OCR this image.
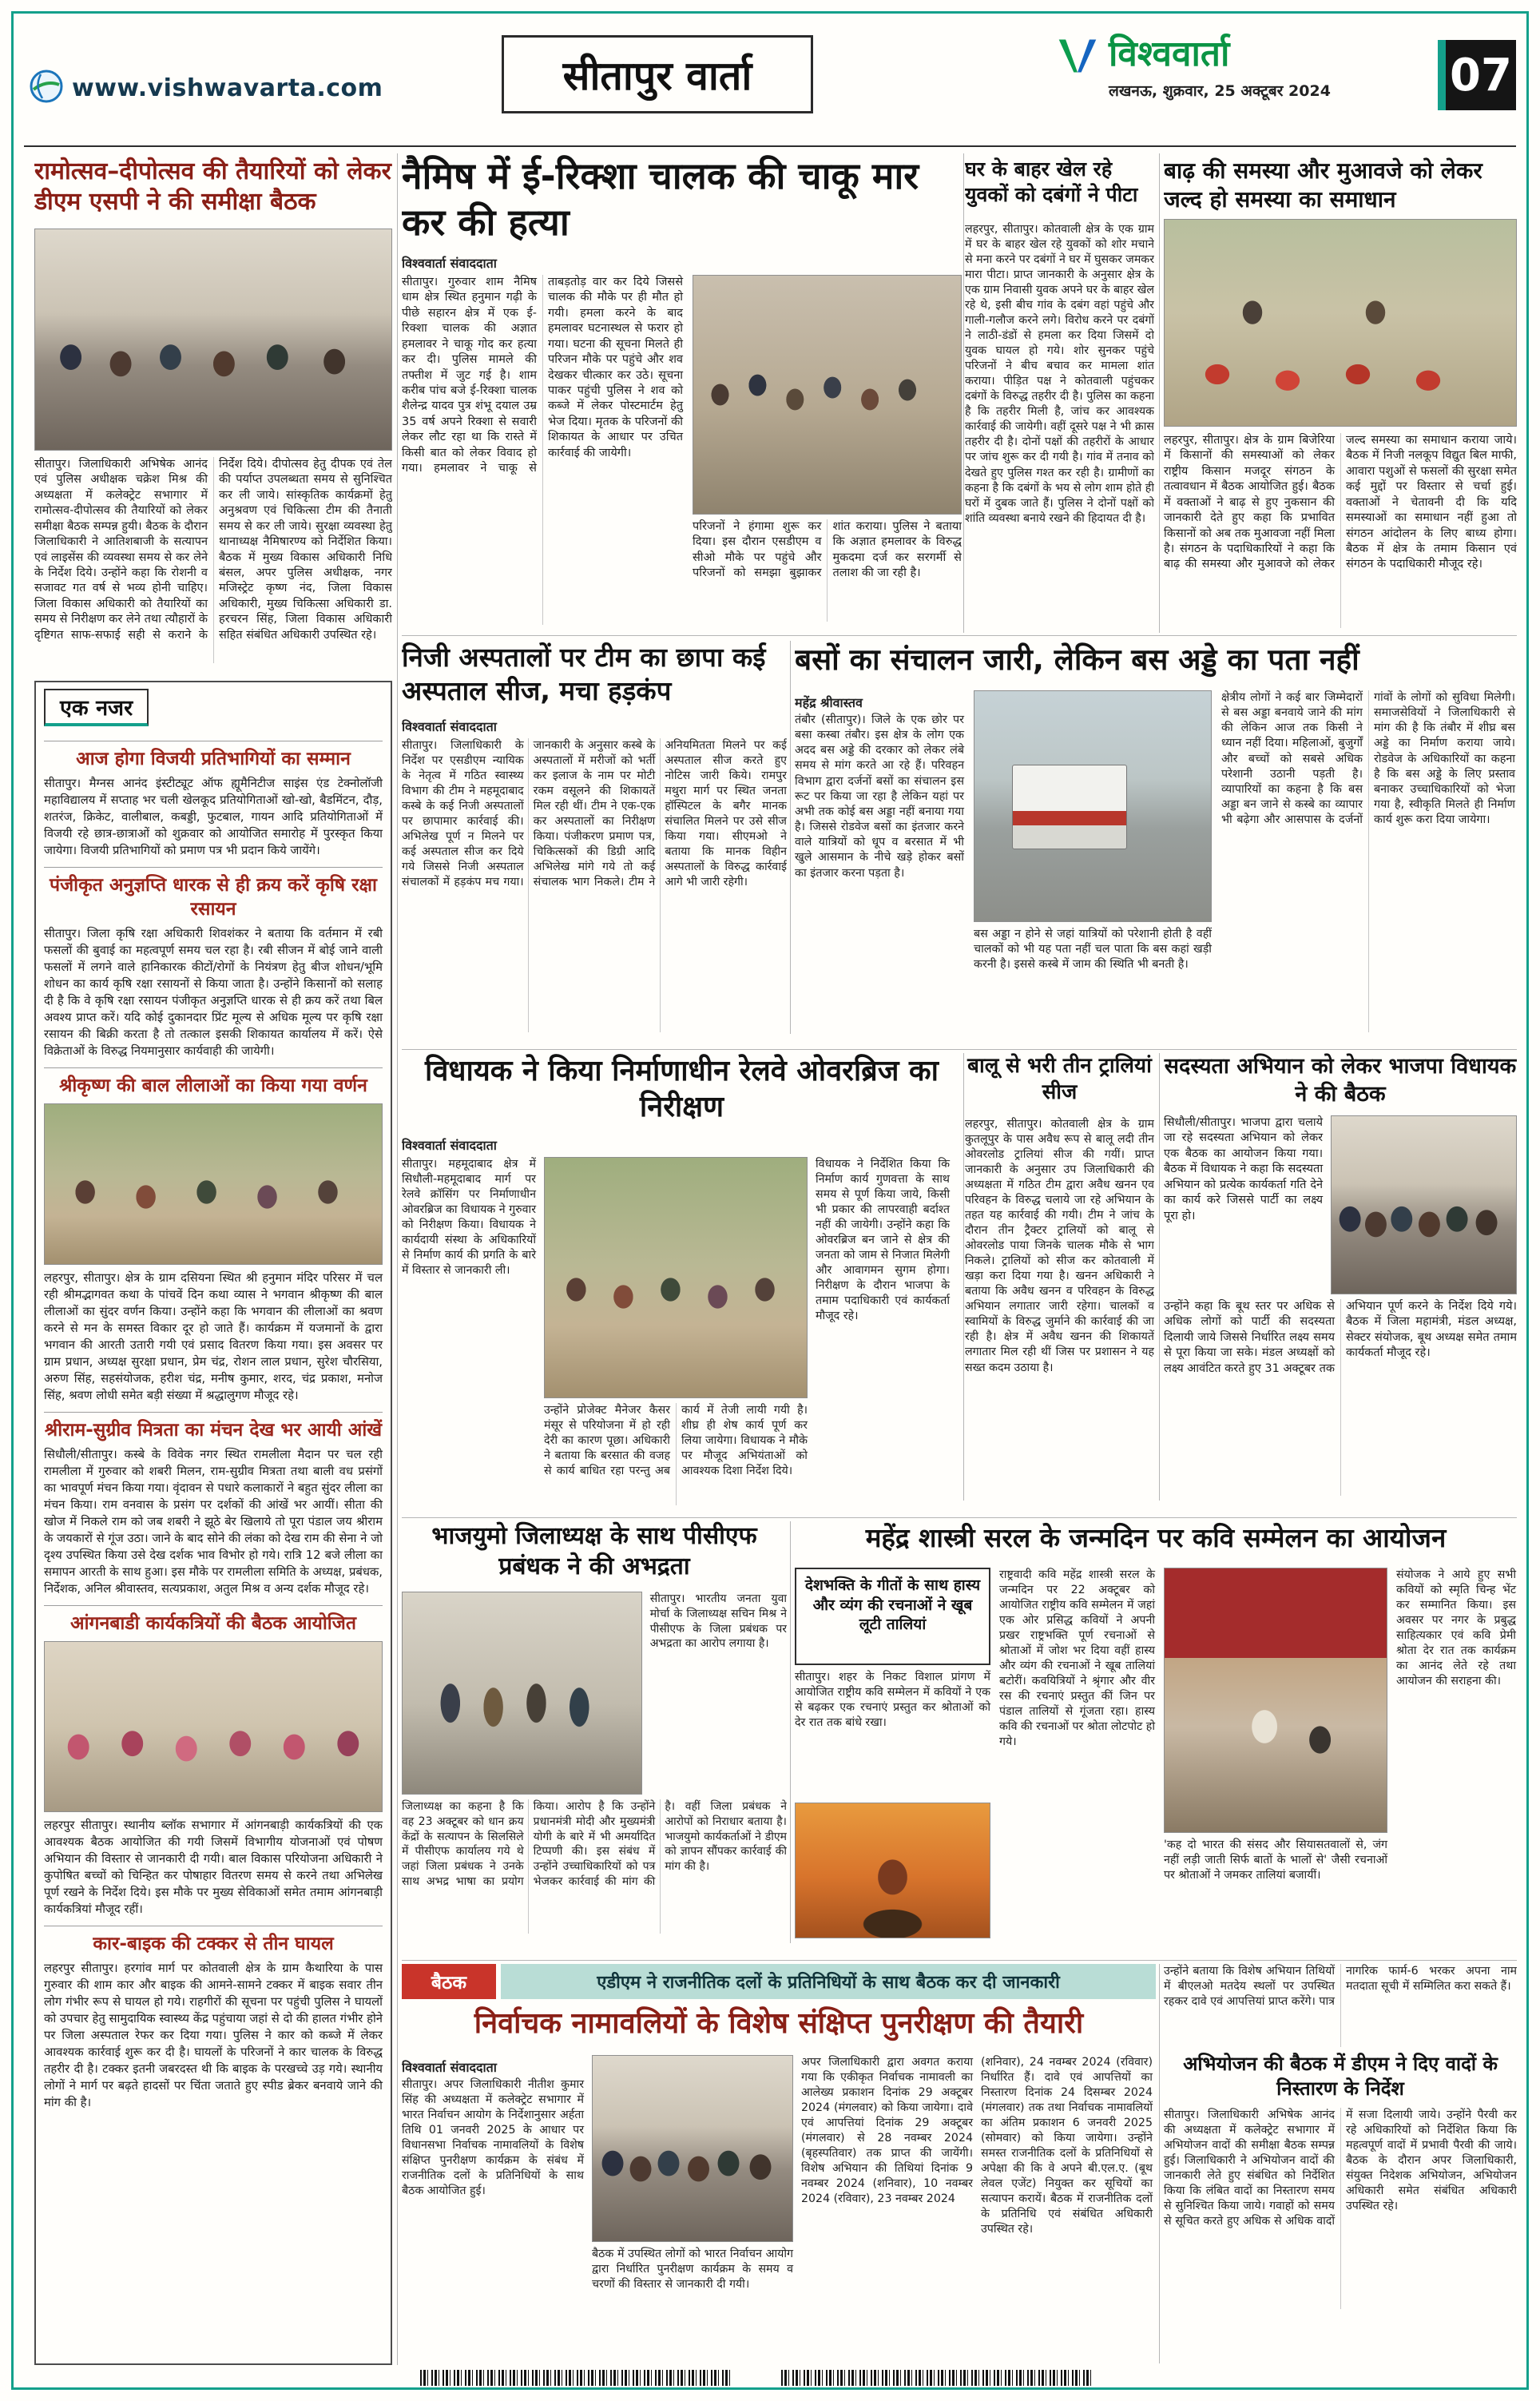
www.vishwavarta.com	सीतापुर वार्ता	विश्ववार्ता
लखनऊ, शुक्रवार, 25 अक्टूबर 2024	07
रामोत्सव–दीपोत्सव की तैयारियों को लेकर डीएम एसपी ने की समीक्षा बैठक
सीतापुर। जिलाधिकारी अभिषेक आनंद एवं पुलिस अधीक्षक चक्रेश मिश्र की अध्यक्षता में कलेक्ट्रेट सभागार में रामोत्सव-दीपोत्सव की तैयारियों को लेकर समीक्षा बैठक सम्पन्न हुयी। बैठक के दौरान जिलाधिकारी ने आतिशबाजी के सत्यापन एवं लाइसेंस की व्यवस्था समय से कर लेने के निर्देश दिये। उन्होंने कहा कि रोशनी व सजावट गत वर्ष से भव्य होनी चाहिए। जिला विकास अधिकारी को तैयारियों का समय से निरीक्षण कर लेने तथा त्यौहारों के दृष्टिगत साफ-सफाई सही से कराने के निर्देश दिये। दीपोत्सव हेतु दीपक एवं तेल की पर्याप्त उपलब्धता समय से सुनिश्चित कर ली जाये। सांस्कृतिक कार्यक्रमों हेतु अनुश्रवण एवं चिकित्सा टीम की तैनाती समय से कर ली जाये। सुरक्षा व्यवस्था हेतु थानाध्यक्ष नैमिषारण्य को निर्देशित किया। बैठक में मुख्य विकास अधिकारी निधि बंसल, अपर पुलिस अधीक्षक, नगर मजिस्ट्रेट कृष्ण नंद, जिला विकास अधिकारी, मुख्य चिकित्सा अधिकारी डा. हरचरन सिंह, जिला विकास अधिकारी सहित संबंधित अधिकारी उपस्थित रहे।
एक नजर
आज होगा विजयी प्रतिभागियों का सम्मान
सीतापुर। मैग्नस आनंद इंस्टीट्यूट ऑफ ह्यूमैनिटीज साइंस एंड टेक्नोलॉजी महाविद्यालय में सप्ताह भर चली खेलकूद प्रतियोगिताओं खो-खो, बैडमिंटन, दौड़, शतरंज, क्रिकेट, वालीबाल, कबड्डी, फुटबाल, गायन आदि प्रतियोगिताओं में विजयी रहे छात्र-छात्राओं को शुक्रवार को आयोजित समारोह में पुरस्कृत किया जायेगा। विजयी प्रतिभागियों को प्रमाण पत्र भी प्रदान किये जायेंगे।
पंजीकृत अनुज्ञप्ति धारक से ही क्रय करें कृषि रक्षा रसायन
सीतापुर। जिला कृषि रक्षा अधिकारी शिवशंकर ने बताया कि वर्तमान में रबी फसलों की बुवाई का महत्वपूर्ण समय चल रहा है। रबी सीजन में बोई जाने वाली फसलों में लगने वाले हानिकारक कीटों/रोगों के नियंत्रण हेतु बीज शोधन/भूमि शोधन का कार्य कृषि रक्षा रसायनों से किया जाता है। उन्होंने किसानों को सलाह दी है कि वे कृषि रक्षा रसायन पंजीकृत अनुज्ञप्ति धारक से ही क्रय करें तथा बिल अवश्य प्राप्त करें। यदि कोई दुकानदार प्रिंट मूल्य से अधिक मूल्य पर कृषि रक्षा रसायन की बिक्री करता है तो तत्काल इसकी शिकायत कार्यालय में करें। ऐसे विक्रेताओं के विरुद्ध नियमानुसार कार्यवाही की जायेगी।
श्रीकृष्ण की बाल लीलाओं का किया गया वर्णन
लहरपुर, सीतापुर। क्षेत्र के ग्राम दसियना स्थित श्री हनुमान मंदिर परिसर में चल रही श्रीमद्भागवत कथा के पांचवें दिन कथा व्यास ने भगवान श्रीकृष्ण की बाल लीलाओं का सुंदर वर्णन किया। उन्होंने कहा कि भगवान की लीलाओं का श्रवण करने से मन के समस्त विकार दूर हो जाते हैं। कार्यक्रम में यजमानों के द्वारा भगवान की आरती उतारी गयी एवं प्रसाद वितरण किया गया। इस अवसर पर ग्राम प्रधान, अध्यक्ष सुरक्षा प्रधान, प्रेम चंद्र, रोशन लाल प्रधान, सुरेश चौरसिया, अरुण सिंह, सहसंयोजक, हरीश चंद्र, मनीष कुमार, शरद, चंद्र प्रकाश, मनोज सिंह, श्रवण लोधी समेत बड़ी संख्या में श्रद्धालुगण मौजूद रहे।
श्रीराम-सुग्रीव मित्रता का मंचन देख भर आयी आंखें
सिधौली/सीतापुर। कस्बे के विवेक नगर स्थित रामलीला मैदान पर चल रही रामलीला में गुरुवार को शबरी मिलन, राम-सुग्रीव मित्रता तथा बाली वध प्रसंगों का भावपूर्ण मंचन किया गया। वृंदावन से पधारे कलाकारों ने बहुत सुंदर लीला का मंचन किया। राम वनवास के प्रसंग पर दर्शकों की आंखें भर आयीं। सीता की खोज में निकले राम को जब शबरी ने झूठे बेर खिलाये तो पूरा पंडाल जय श्रीराम के जयकारों से गूंज उठा। जाने के बाद सोने की लंका को देख राम की सेना ने जो दृश्य उपस्थित किया उसे देख दर्शक भाव विभोर हो गये। रात्रि 12 बजे लीला का समापन आरती के साथ हुआ। इस मौके पर रामलीला समिति के अध्यक्ष, प्रबंधक, निर्देशक, अनिल श्रीवास्तव, सत्यप्रकाश, अतुल मिश्र व अन्य दर्शक मौजूद रहे।
आंगनबाडी कार्यकत्रियों की बैठक आयोजित
लहरपुर सीतापुर। स्थानीय ब्लॉक सभागार में आंगनबाड़ी कार्यकत्रियों की एक आवश्यक बैठक आयोजित की गयी जिसमें विभागीय योजनाओं एवं पोषण अभियान की विस्तार से जानकारी दी गयी। बाल विकास परियोजना अधिकारी ने कुपोषित बच्चों को चिन्हित कर पोषाहार वितरण समय से करने तथा अभिलेख पूर्ण रखने के निर्देश दिये। इस मौके पर मुख्य सेविकाओं समेत तमाम आंगनबाड़ी कार्यकत्रियां मौजूद रहीं।
कार-बाइक की टक्कर से तीन घायल
लहरपुर सीतापुर। हरगांव मार्ग पर कोतवाली क्षेत्र के ग्राम कैथारिया के पास गुरुवार की शाम कार और बाइक की आमने-सामने टक्कर में बाइक सवार तीन लोग गंभीर रूप से घायल हो गये। राहगीरों की सूचना पर पहुंची पुलिस ने घायलों को उपचार हेतु सामुदायिक स्वास्थ्य केंद्र पहुंचाया जहां से दो की हालत गंभीर होने पर जिला अस्पताल रेफर कर दिया गया। पुलिस ने कार को कब्जे में लेकर आवश्यक कार्रवाई शुरू कर दी है। घायलों के परिजनों ने कार चालक के विरुद्ध तहरीर दी है। टक्कर इतनी जबरदस्त थी कि बाइक के परखच्चे उड़ गये। स्थानीय लोगों ने मार्ग पर बढ़ते हादसों पर चिंता जताते हुए स्पीड ब्रेकर बनवाये जाने की मांग की है।
नैमिष में ई-रिक्शा चालक की चाकू मार कर की हत्या
विश्ववार्ता संवाददाता
सीतापुर। गुरुवार शाम नैमिष धाम क्षेत्र स्थित हनुमान गढ़ी के पीछे सहारन क्षेत्र में एक ई-रिक्शा चालक की अज्ञात हमलावर ने चाकू गोद कर हत्या कर दी। पुलिस मामले की तफ्तीश में जुट गई है। शाम करीब पांच बजे ई-रिक्शा चालक शैलेन्द्र यादव पुत्र शंभू दयाल उम्र 35 वर्ष अपने रिक्शा से सवारी लेकर लौट रहा था कि रास्ते में किसी बात को लेकर विवाद हो गया। हमलावर ने चाकू से ताबड़तोड़ वार कर दिये जिससे चालक की मौके पर ही मौत हो गयी। हमला करने के बाद हमलावर घटनास्थल से फरार हो गया। घटना की सूचना मिलते ही परिजन मौके पर पहुंचे और शव देखकर चीत्कार कर उठे। सूचना पाकर पहुंची पुलिस ने शव को कब्जे में लेकर पोस्टमार्टम हेतु भेज दिया। मृतक के परिजनों की शिकायत के आधार पर उचित कार्रवाई की जायेगी।
परिजनों ने हंगामा शुरू कर दिया। इस दौरान एसडीएम व सीओ मौके पर पहुंचे और परिजनों को समझा बुझाकर शांत कराया। पुलिस ने बताया कि अज्ञात हमलावर के विरुद्ध मुकदमा दर्ज कर सरगर्मी से तलाश की जा रही है।
घर के बाहर खेल रहे युवकों को दबंगों ने पीटा
लहरपुर, सीतापुर। कोतवाली क्षेत्र के एक ग्राम में घर के बाहर खेल रहे युवकों को शोर मचाने से मना करने पर दबंगों ने घर में घुसकर जमकर मारा पीटा। प्राप्त जानकारी के अनुसार क्षेत्र के एक ग्राम निवासी युवक अपने घर के बाहर खेल रहे थे, इसी बीच गांव के दबंग वहां पहुंचे और गाली-गलौज करने लगे। विरोध करने पर दबंगों ने लाठी-डंडों से हमला कर दिया जिसमें दो युवक घायल हो गये। शोर सुनकर पहुंचे परिजनों ने बीच बचाव कर मामला शांत कराया। पीड़ित पक्ष ने कोतवाली पहुंचकर दबंगों के विरुद्ध तहरीर दी है। पुलिस का कहना है कि तहरीर मिली है, जांच कर आवश्यक कार्रवाई की जायेगी। वहीं दूसरे पक्ष ने भी क्रास तहरीर दी है। दोनों पक्षों की तहरीरों के आधार पर जांच शुरू कर दी गयी है। गांव में तनाव को देखते हुए पुलिस गश्त कर रही है। ग्रामीणों का कहना है कि दबंगों के भय से लोग शाम होते ही घरों में दुबक जाते हैं। पुलिस ने दोनों पक्षों को शांति व्यवस्था बनाये रखने की हिदायत दी है।
बाढ़ की समस्या और मुआवजे को लेकर जल्द हो समस्या का समाधान
लहरपुर, सीतापुर। क्षेत्र के ग्राम बिजेरिया में किसानों की समस्याओं को लेकर राष्ट्रीय किसान मजदूर संगठन के तत्वावधान में बैठक आयोजित हुई। बैठक में वक्ताओं ने बाढ़ से हुए नुकसान की जानकारी देते हुए कहा कि प्रभावित किसानों को अब तक मुआवजा नहीं मिला है। संगठन के पदाधिकारियों ने कहा कि बाढ़ की समस्या और मुआवजे को लेकर जल्द समस्या का समाधान कराया जाये। बैठक में निजी नलकूप विद्युत बिल माफी, आवारा पशुओं से फसलों की सुरक्षा समेत कई मुद्दों पर विस्तार से चर्चा हुई। वक्ताओं ने चेतावनी दी कि यदि समस्याओं का समाधान नहीं हुआ तो संगठन आंदोलन के लिए बाध्य होगा। बैठक में क्षेत्र के तमाम किसान एवं संगठन के पदाधिकारी मौजूद रहे।
निजी अस्पतालों पर टीम का छापा कई अस्पताल सीज, मचा हड़कंप
विश्ववार्ता संवाददाता
सीतापुर। जिलाधिकारी के निर्देश पर एसडीएम न्यायिक के नेतृत्व में गठित स्वास्थ्य विभाग की टीम ने महमूदाबाद कस्बे के कई निजी अस्पतालों पर छापामार कार्रवाई की। अभिलेख पूर्ण न मिलने पर कई अस्पताल सीज कर दिये गये जिससे निजी अस्पताल संचालकों में हड़कंप मच गया। जानकारी के अनुसार कस्बे के अस्पतालों में मरीजों को भर्ती कर इलाज के नाम पर मोटी रकम वसूलने की शिकायतें मिल रही थीं। टीम ने एक-एक कर अस्पतालों का निरीक्षण किया। पंजीकरण प्रमाण पत्र, चिकित्सकों की डिग्री आदि अभिलेख मांगे गये तो कई संचालक भाग निकले। टीम ने अनियमितता मिलने पर कई अस्पताल सीज करते हुए नोटिस जारी किये। रामपुर मथुरा मार्ग पर स्थित जनता हॉस्पिटल के बगैर मानक संचालित मिलने पर उसे सीज किया गया। सीएमओ ने बताया कि मानक विहीन अस्पतालों के विरुद्ध कार्रवाई आगे भी जारी रहेगी।
बसों का संचालन जारी, लेकिन बस अड्डे का पता नहीं
महेंद्र श्रीवास्तव
तंबौर (सीतापुर)। जिले के एक छोर पर बसा कस्बा तंबौर। इस क्षेत्र के लोग एक अदद बस अड्डे की दरकार को लेकर लंबे समय से मांग करते आ रहे हैं। परिवहन विभाग द्वारा दर्जनों बसों का संचालन इस रूट पर किया जा रहा है लेकिन यहां पर अभी तक कोई बस अड्डा नहीं बनाया गया है। जिससे रोडवेज बसों का इंतजार करने वाले यात्रियों को धूप व बरसात में भी खुले आसमान के नीचे खड़े होकर बसों का इंतजार करना पड़ता है।
बस अड्डा न होने से जहां यात्रियों को परेशानी होती है वहीं चालकों को भी यह पता नहीं चल पाता कि बस कहां खड़ी करनी है। इससे कस्बे में जाम की स्थिति भी बनती है।
क्षेत्रीय लोगों ने कई बार जिम्मेदारों से बस अड्डा बनवाये जाने की मांग की लेकिन आज तक किसी ने ध्यान नहीं दिया। महिलाओं, बुजुर्गों और बच्चों को सबसे अधिक परेशानी उठानी पड़ती है। व्यापारियों का कहना है कि बस अड्डा बन जाने से कस्बे का व्यापार भी बढ़ेगा और आसपास के दर्जनों गांवों के लोगों को सुविधा मिलेगी। समाजसेवियों ने जिलाधिकारी से मांग की है कि तंबौर में शीघ्र बस अड्डे का निर्माण कराया जाये। रोडवेज के अधिकारियों का कहना है कि बस अड्डे के लिए प्रस्ताव बनाकर उच्चाधिकारियों को भेजा गया है, स्वीकृति मिलते ही निर्माण कार्य शुरू करा दिया जायेगा।
विधायक ने किया निर्माणाधीन रेलवे ओवरब्रिज का निरीक्षण
विश्ववार्ता संवाददाता
सीतापुर। महमूदाबाद क्षेत्र में सिधौली-महमूदाबाद मार्ग पर रेलवे क्रॉसिंग पर निर्माणाधीन ओवरब्रिज का विधायक ने गुरुवार को निरीक्षण किया। विधायक ने कार्यदायी संस्था के अधिकारियों से निर्माण कार्य की प्रगति के बारे में विस्तार से जानकारी ली।
उन्होंने प्रोजेक्ट मैनेजर कैसर मंसूर से परियोजना में हो रही देरी का कारण पूछा। अधिकारी ने बताया कि बरसात की वजह से कार्य बाधित रहा परन्तु अब कार्य में तेजी लायी गयी है। शीघ्र ही शेष कार्य पूर्ण कर लिया जायेगा। विधायक ने मौके पर मौजूद अभियंताओं को आवश्यक दिशा निर्देश दिये।
विधायक ने निर्देशित किया कि निर्माण कार्य गुणवत्ता के साथ समय से पूर्ण किया जाये, किसी भी प्रकार की लापरवाही बर्दाश्त नहीं की जायेगी। उन्होंने कहा कि ओवरब्रिज बन जाने से क्षेत्र की जनता को जाम से निजात मिलेगी और आवागमन सुगम होगा। निरीक्षण के दौरान भाजपा के तमाम पदाधिकारी एवं कार्यकर्ता मौजूद रहे।
बालू से भरी तीन ट्रालियां सीज
लहरपुर, सीतापुर। कोतवाली क्षेत्र के ग्राम कुतलूपुर के पास अवैध रूप से बालू लदी तीन ओवरलोड ट्रालियां सीज की गयीं। प्राप्त जानकारी के अनुसार उप जिलाधिकारी की अध्यक्षता में गठित टीम द्वारा अवैध खनन एव परिवहन के विरुद्ध चलाये जा रहे अभियान के तहत यह कार्रवाई की गयी। टीम ने जांच के दौरान तीन ट्रैक्टर ट्रालियों को बालू से ओवरलोड पाया जिनके चालक मौके से भाग निकले। ट्रालियों को सीज कर कोतवाली में खड़ा करा दिया गया है। खनन अधिकारी ने बताया कि अवैध खनन व परिवहन के विरुद्ध अभियान लगातार जारी रहेगा। चालकों व स्वामियों के विरुद्ध जुर्माने की कार्रवाई की जा रही है। क्षेत्र में अवैध खनन की शिकायतें लगातार मिल रही थीं जिस पर प्रशासन ने यह सख्त कदम उठाया है।
सदस्यता अभियान को लेकर भाजपा विधायक ने की बैठक
सिधौली/सीतापुर। भाजपा द्वारा चलाये जा रहे सदस्यता अभियान को लेकर एक बैठक का आयोजन किया गया। बैठक में विधायक ने कहा कि सदस्यता अभियान को प्रत्येक कार्यकर्ता गति देने का कार्य करे जिससे पार्टी का लक्ष्य पूरा हो।
उन्होंने कहा कि बूथ स्तर पर अधिक से अधिक लोगों को पार्टी की सदस्यता दिलायी जाये जिससे निर्धारित लक्ष्य समय से पूरा किया जा सके। मंडल अध्यक्षों को लक्ष्य आवंटित करते हुए 31 अक्टूबर तक अभियान पूर्ण करने के निर्देश दिये गये। बैठक में जिला महामंत्री, मंडल अध्यक्ष, सेक्टर संयोजक, बूथ अध्यक्ष समेत तमाम कार्यकर्ता मौजूद रहे।
भाजयुमो जिलाध्यक्ष के साथ पीसीएफ प्रबंधक ने की अभद्रता
सीतापुर। भारतीय जनता युवा मोर्चा के जिलाध्यक्ष सचिन मिश्र ने पीसीएफ के जिला प्रबंधक पर अभद्रता का आरोप लगाया है।
जिलाध्यक्ष का कहना है कि वह 23 अक्टूबर को धान क्रय केंद्रों के सत्यापन के सिलसिले में पीसीएफ कार्यालय गये थे जहां जिला प्रबंधक ने उनके साथ अभद्र भाषा का प्रयोग किया। आरोप है कि उन्होंने प्रधानमंत्री मोदी और मुख्यमंत्री योगी के बारे में भी अमर्यादित टिप्पणी की। इस संबंध में उन्होंने उच्चाधिकारियों को पत्र भेजकर कार्रवाई की मांग की है। वहीं जिला प्रबंधक ने आरोपों को निराधार बताया है। भाजयुमो कार्यकर्ताओं ने डीएम को ज्ञापन सौंपकर कार्रवाई की मांग की है।
महेंद्र शास्त्री सरल के जन्मदिन पर कवि सम्मेलन का आयोजन
देशभक्ति के गीतों के साथ हास्य और व्यंग की रचनाओं ने खूब लूटी तालियां
सीतापुर। शहर के निकट विशाल प्रांगण में आयोजित राष्ट्रीय कवि सम्मेलन में कवियों ने एक से बढ़कर एक रचनाएं प्रस्तुत कर श्रोताओं को देर रात तक बांधे रखा।
राष्ट्रवादी कवि महेंद्र शास्त्री सरल के जन्मदिन पर 22 अक्टूबर को आयोजित राष्ट्रीय कवि सम्मेलन में जहां एक ओर प्रसिद्ध कवियों ने अपनी प्रखर राष्ट्रभक्ति पूर्ण रचनाओं से श्रोताओं में जोश भर दिया वहीं हास्य और व्यंग की रचनाओं ने खूब तालियां बटोरीं। कवयित्रियों ने श्रृंगार और वीर रस की रचनाएं प्रस्तुत कीं जिन पर पंडाल तालियों से गूंजता रहा। हास्य कवि की रचनाओं पर श्रोता लोटपोट हो गये।
'कह दो भारत की संसद और सियासतवालों से, जंग नहीं लड़ी जाती सिर्फ बातों के भालों से' जैसी रचनाओं पर श्रोताओं ने जमकर तालियां बजायीं।
संयोजक ने आये हुए सभी कवियों को स्मृति चिन्ह भेंट कर सम्मानित किया। इस अवसर पर नगर के प्रबुद्ध साहित्यकार एवं कवि प्रेमी श्रोता देर रात तक कार्यक्रम का आनंद लेते रहे तथा आयोजन की सराहना की।
बैठक	एडीएम ने राजनीतिक दलों के प्रतिनिधियों के साथ बैठक कर दी जानकारी
निर्वाचक नामावलियों के विशेष संक्षिप्त पुनरीक्षण की तैयारी
विश्ववार्ता संवाददाता
सीतापुर। अपर जिलाधिकारी नीतीश कुमार सिंह की अध्यक्षता में कलेक्ट्रेट सभागार में भारत निर्वाचन आयोग के निर्देशानुसार अर्हता तिथि 01 जनवरी 2025 के आधार पर विधानसभा निर्वाचक नामावलियों के विशेष संक्षिप्त पुनरीक्षण कार्यक्रम के संबंध में राजनीतिक दलों के प्रतिनिधियों के साथ बैठक आयोजित हुई।
बैठक में उपस्थित लोगों को भारत निर्वाचन आयोग द्वारा निर्धारित पुनरीक्षण कार्यक्रम के समय व चरणों की विस्तार से जानकारी दी गयी।
अपर जिलाधिकारी द्वारा अवगत कराया गया कि एकीकृत निर्वाचक नामावली का आलेख्य प्रकाशन दिनांक 29 अक्टूबर 2024 (मंगलवार) को किया जायेगा। दावे एवं आपत्तियां दिनांक 29 अक्टूबर (मंगलवार) से 28 नवम्बर 2024 (बृहस्पतिवार) तक प्राप्त की जायेंगी। विशेष अभियान की तिथियां दिनांक 9 नवम्बर 2024 (शनिवार), 10 नवम्बर 2024 (रविवार), 23 नवम्बर 2024
(शनिवार), 24 नवम्बर 2024 (रविवार) निर्धारित हैं। दावे एवं आपत्तियों का निस्तारण दिनांक 24 दिसम्बर 2024 (मंगलवार) तक तथा निर्वाचक नामावलियों का अंतिम प्रकाशन 6 जनवरी 2025 (सोमवार) को किया जायेगा। उन्होंने समस्त राजनीतिक दलों के प्रतिनिधियों से अपेक्षा की कि वे अपने बी.एल.ए. (बूथ लेवल एजेंट) नियुक्त कर सूचियों का सत्यापन करायें। बैठक में राजनीतिक दलों के प्रतिनिधि एवं संबंधित अधिकारी उपस्थित रहे।
उन्होंने बताया कि विशेष अभियान तिथियों में बीएलओ मतदेय स्थलों पर उपस्थित रहकर दावे एवं आपत्तियां प्राप्त करेंगे। पात्र नागरिक फार्म-6 भरकर अपना नाम मतदाता सूची में सम्मिलित करा सकते हैं।
अभियोजन की बैठक में डीएम ने दिए वादों के निस्तारण के निर्देश
सीतापुर। जिलाधिकारी अभिषेक आनंद की अध्यक्षता में कलेक्ट्रेट सभागार में अभियोजन वादों की समीक्षा बैठक सम्पन्न हुई। जिलाधिकारी ने अभियोजन वादों की जानकारी लेते हुए संबंधित को निर्देशित किया कि लंबित वादों का निस्तारण समय से सुनिश्चित किया जाये। गवाहों को समय से सूचित करते हुए अधिक से अधिक वादों में सजा दिलायी जाये। उन्होंने पैरवी कर रहे अधिकारियों को निर्देशित किया कि महत्वपूर्ण वादों में प्रभावी पैरवी की जाये। बैठक के दौरान अपर जिलाधिकारी, संयुक्त निदेशक अभियोजन, अभियोजन अधिकारी समेत संबंधित अधिकारी उपस्थित रहे।
